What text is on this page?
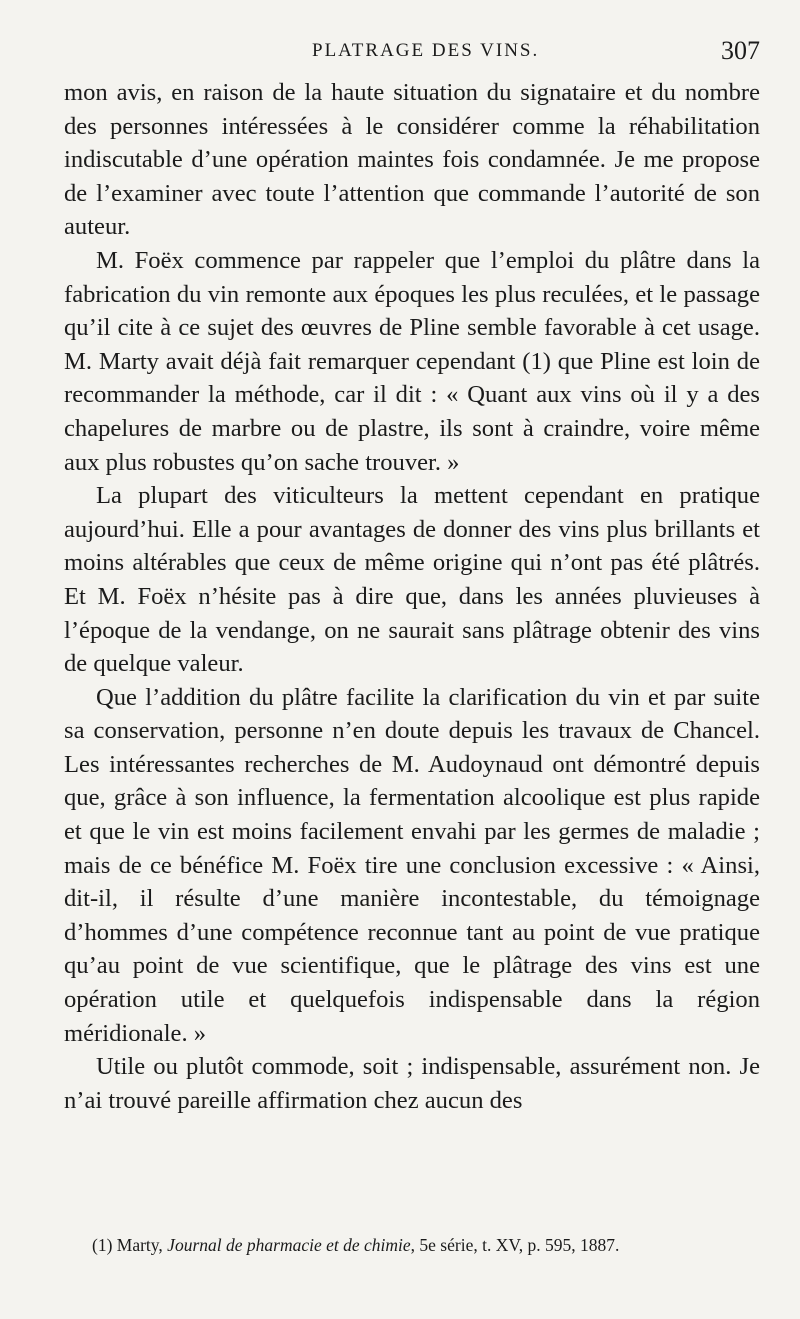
PLATRAGE DES VINS.	307

mon avis, en raison de la haute situation du signataire et du nombre des personnes intéressées à le considérer comme la réhabilitation indiscutable d’une opération maintes fois condamnée. Je me propose de l’examiner avec toute l’attention que commande l’autorité de son auteur.

M. Foëx commence par rappeler que l’emploi du plâtre dans la fabrication du vin remonte aux époques les plus reculées, et le passage qu’il cite à ce sujet des œuvres de Pline semble favorable à cet usage. M. Marty avait déjà fait remarquer cependant (1) que Pline est loin de recommander la méthode, car il dit : « Quant aux vins où il y a des chapelures de marbre ou de plastre, ils sont à craindre, voire même aux plus robustes qu’on sache trouver. »

La plupart des viticulteurs la mettent cependant en pratique aujourd’hui. Elle a pour avantages de donner des vins plus brillants et moins altérables que ceux de même origine qui n’ont pas été plâtrés. Et M. Foëx n’hésite pas à dire que, dans les années pluvieuses à l’époque de la vendange, on ne saurait sans plâtrage obtenir des vins de quelque valeur.

Que l’addition du plâtre facilite la clarification du vin et par suite sa conservation, personne n’en doute depuis les travaux de Chancel. Les intéressantes recherches de M. Audoynaud ont démontré depuis que, grâce à son influence, la fermentation alcoolique est plus rapide et que le vin est moins facilement envahi par les germes de maladie ; mais de ce bénéfice M. Foëx tire une conclusion excessive : « Ainsi, dit-il, il résulte d’une manière incontestable, du témoignage d’hommes d’une compétence reconnue tant au point de vue pratique qu’au point de vue scientifique, que le plâtrage des vins est une opération utile et quelquefois indispensable dans la région méridionale. »

Utile ou plutôt commode, soit ; indispensable, assurément non. Je n’ai trouvé pareille affirmation chez aucun des

(1) Marty, Journal de pharmacie et de chimie, 5e série, t. XV, p. 595, 1887.
